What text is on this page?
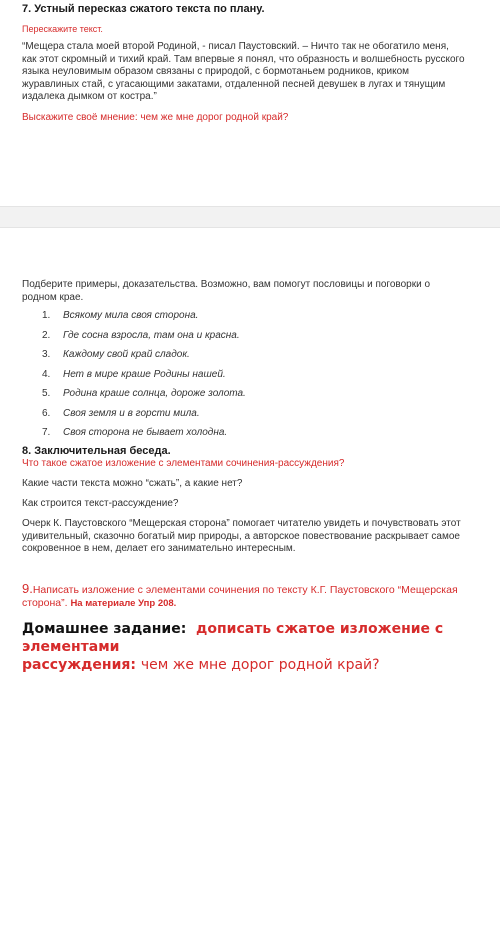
7. Устный пересказ сжатого текста по плану.
Перескажите текст.
“Мещера стала моей второй Родиной, - писал Паустовский. – Ничто так не обогатило меня,
как этот скромный и тихий край. Там впервые я понял, что образность и волшебность русского
языка неуловимым образом связаны с природой, с бормотаньем родников, криком
журавлиных стай, с угасающими закатами, отдаленной песней девушек в лугах и тянущим
издалека дымком от костра.”
Выскажите своё мнение: чем же мне дорог родной край?
Подберите примеры, доказательства. Возможно, вам помогут пословицы и поговорки о
родном крае.
1. Всякому мила своя сторона.
2. Где сосна взросла, там она и красна.
3. Каждому свой край сладок.
4. Нет в мире краше Родины нашей.
5. Родина краше солнца, дороже золота.
6. Своя земля и в горсти мила.
7. Своя сторона не бывает холодна.
8. Заключительная беседа.
Что такое сжатое изложение с элементами сочинения-рассуждения?
Какие части текста можно “сжать”, а какие нет?
Как строится текст-рассуждение?
Очерк К. Паустовского “Мещерская сторона” помогает читателю увидеть и почувствовать этот
удивительный, сказочно богатый мир природы, а авторское повествование раскрывает самое
сокровенное в нем, делает его занимательно интересным.
9.Написать изложение с элементами сочинения по тексту К.Г. Паустовского “Мещерская
сторона”. На материале Упр 208.
Домашнее задание: дописать сжатое изложение с элементами
рассуждения: чем же мне дорог родной край?
